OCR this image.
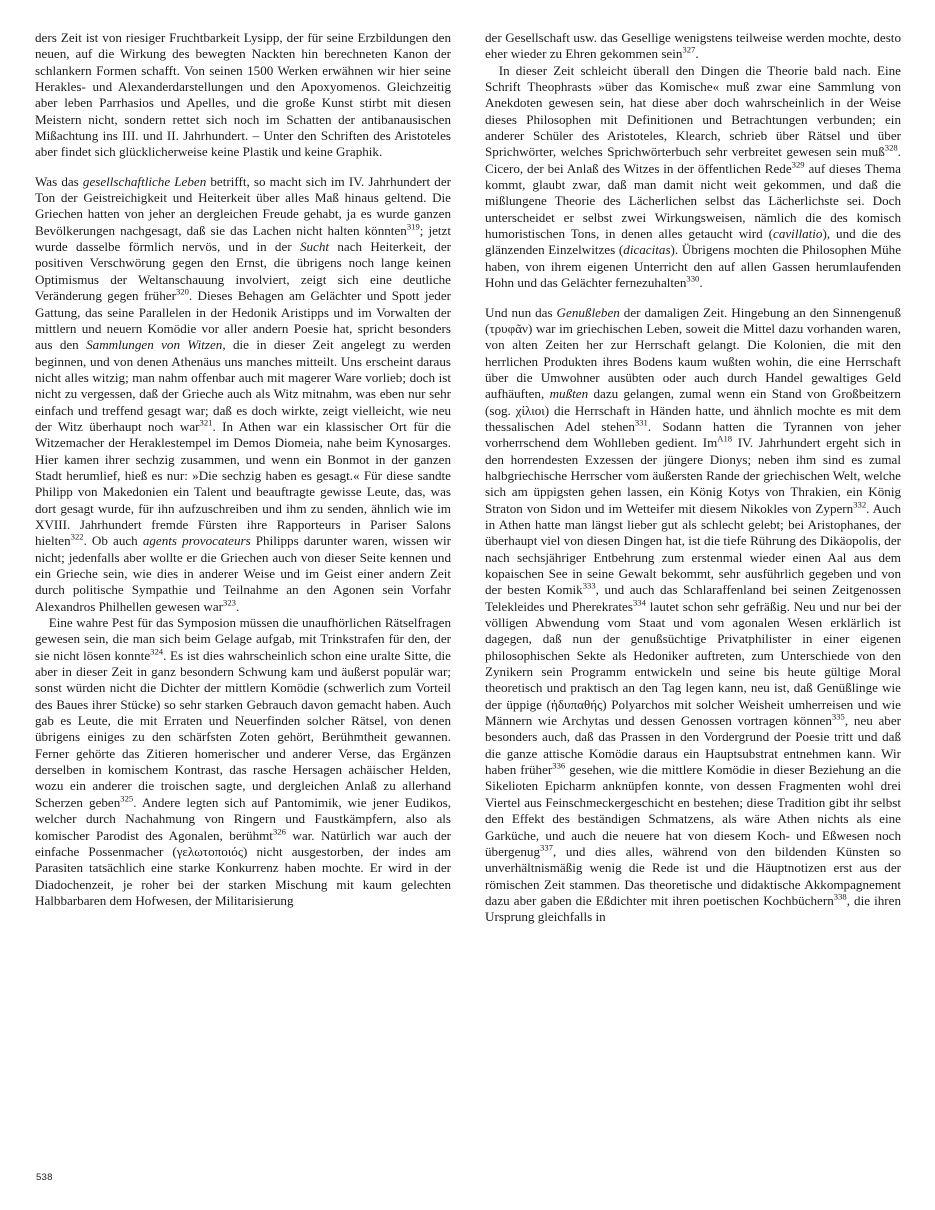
ders Zeit ist von riesiger Fruchtbarkeit Lysipp, der für seine Erzbildungen den neuen, auf die Wirkung des bewegten Nackten hin berechneten Kanon der schlankern Formen schafft. Von seinen 1500 Werken erwähnen wir hier seine Herakles- und Alexanderdarstellungen und den Apoxyomenos. Gleichzeitig aber leben Parrhasios und Apelles, und die große Kunst stirbt mit diesen Meistern nicht, sondern rettet sich noch im Schatten der antibanausischen Mißachtung ins III. und II. Jahrhundert. – Unter den Schriften des Aristoteles aber findet sich glücklicherweise keine Plastik und keine Graphik.

Was das gesellschaftliche Leben betrifft, so macht sich im IV. Jahrhundert der Ton der Geistreichigkeit und Heiterkeit über alles Maß hinaus geltend. Die Griechen hatten von jeher an dergleichen Freude gehabt, ja es wurde ganzen Bevölkerungen nachgesagt, daß sie das Lachen nicht halten könnten$^{319}$; jetzt wurde dasselbe förmlich nervös, und in der Sucht nach Heiterkeit, der positiven Verschwörung gegen den Ernst, die übrigens noch lange keinen Optimismus der Weltanschauung involviert, zeigt sich eine deutliche Veränderung gegen früher$^{320}$. Dieses Behagen am Gelächter und Spott jeder Gattung, das seine Parallelen in der Hedonik Aristipps und im Vorwalten der mittlern und neuern Komödie vor aller andern Poesie hat, spricht besonders aus den Sammlungen von Witzen, die in dieser Zeit angelegt zu werden beginnen, und von denen Athenäus uns manches mitteilt. Uns erscheint daraus nicht alles witzig; man nahm offenbar auch mit magerer Ware vorlieb; doch ist nicht zu vergessen, daß der Grieche auch als Witz mitnahm, was eben nur sehr einfach und treffend gesagt war; daß es doch wirkte, zeigt vielleicht, wie neu der Witz überhaupt noch war$^{321}$. In Athen war ein klassischer Ort für die Witzemacher der Heraklestempel im Demos Diomeia, nahe beim Kynosarges. Hier kamen ihrer sechzig zusammen, und wenn ein Bonmot in der ganzen Stadt herumlief, hieß es nur: »Die sechzig haben es gesagt.« Für diese sandte Philipp von Makedonien ein Talent und beauftragte gewisse Leute, das, was dort gesagt wurde, für ihn aufzuschreiben und ihm zu senden, ähnlich wie im XVIII. Jahrhundert fremde Fürsten ihre Rapporteurs in Pariser Salons hielten$^{322}$. Ob auch agents provocateurs Philipps darunter waren, wissen wir nicht; jedenfalls aber wollte er die Griechen auch von dieser Seite kennen und ein Grieche sein, wie dies in anderer Weise und im Geist einer andern Zeit durch politische Sympathie und Teilnahme an den Agonen sein Vorfahr Alexandros Philhellen gewesen war$^{323}$.

Eine wahre Pest für das Symposion müssen die unaufhörlichen Rätselfragen gewesen sein, die man sich beim Gelage aufgab, mit Trinkstrafen für den, der sie nicht lösen konnte$^{324}$. Es ist dies wahrscheinlich schon eine uralte Sitte, die aber in dieser Zeit in ganz besondern Schwung kam und äußerst populär war; sonst würden nicht die Dichter der mittlern Komödie (schwerlich zum Vorteil des Baues ihrer Stücke) so sehr starken Gebrauch davon gemacht haben. Auch gab es Leute, die mit Erraten und Neuerfinden solcher Rätsel, von denen übrigens einiges zu den schärfsten Zoten gehört, Berühmtheit gewannen. Ferner gehörte das Zitieren homerischer und anderer Verse, das Ergänzen derselben in komischem Kontrast, das rasche Hersagen achäischer Helden, wozu ein anderer die troischen sagte, und dergleichen Anlaß zu allerhand Scherzen geben$^{325}$. Andere legten sich auf Pantomimik, wie jener Eudikos, welcher durch Nachahmung von Ringern und Faustkämpfern, also als komischer Parodist des Agonalen, berühmt$^{326}$ war. Natürlich war auch der einfache Possenmacher (γελωτοποιός) nicht ausgestorben, der indes am Parasiten tatsächlich eine starke Konkurrenz haben mochte. Er wird in der Diadochenzeit, je roher bei der starken Mischung mit kaum gelechten Halbbarbaren dem Hofwesen, der Militarisierung

der Gesellschaft usw. das Gesellige wenigstens teilweise werden mochte, desto eher wieder zu Ehren gekommen sein$^{327}$.

In dieser Zeit schleicht überall den Dingen die Theorie bald nach. Eine Schrift Theophrasts »über das Komische« muß zwar eine Sammlung von Anekdoten gewesen sein, hat diese aber doch wahrscheinlich in der Weise dieses Philosophen mit Definitionen und Betrachtungen verbunden; ein anderer Schüler des Aristoteles, Klearch, schrieb über Rätsel und über Sprichwörter, welches Sprichwörterbuch sehr verbreitet gewesen sein muß$^{328}$. Cicero, der bei Anlaß des Witzes in der öffentlichen Rede$^{329}$ auf dieses Thema kommt, glaubt zwar, daß man damit nicht weit gekommen, und daß die mißlungene Theorie des Lächerlichen selbst das Lächerlichste sei. Doch unterscheidet er selbst zwei Wirkungsweisen, nämlich die des komisch humoristischen Tons, in denen alles getaucht wird (cavillatio), und die des glänzenden Einzelwitzes (dicacitas). Übrigens mochten die Philosophen Mühe haben, von ihrem eigenen Unterricht den auf allen Gassen herumlaufenden Hohn und das Gelächter fernezuhalten$^{330}$.

Und nun das Genußleben der damaligen Zeit. Hingebung an den Sinnengenuß (τρυφᾶν) war im griechischen Leben, soweit die Mittel dazu vorhanden waren, von alten Zeiten her zur Herrschaft gelangt. Die Kolonien, die mit den herrlichen Produkten ihres Bodens kaum wußten wohin, die eine Herrschaft über die Umwohner ausübten oder auch durch Handel gewaltiges Geld aufhäuften, mußten dazu gelangen, zumal wenn ein Stand von Großbeitzern (sog. χίλιοι) die Herrschaft in Händen hatte, und ähnlich mochte es mit dem thessalischen Adel stehen$^{331}$. Sodann hatten die Tyrannen von jeher vorherrschend dem Wohlleben gedient. $Im^{A18}$ IV. Jahrhundert ergeht sich in den horrendesten Exzessen der jüngere Dionys; neben ihm sind es zumal halbgriechische Herrscher vom äußersten Rande der griechischen Welt, welche sich am üppigsten gehen lassen, ein König Kotys von Thrakien, ein König Straton von Sidon und im Wetteifer mit diesem Nikokles von Zypern$^{332}$. Auch in Athen hatte man längst lieber gut als schlecht gelebt; bei Aristophanes, der überhaupt viel von diesen Dingen hat, ist die tiefe Rührung des Dikäopolis, der nach sechsjähriger Entbehrung zum erstenmal wieder einen Aal aus dem kopaischen See in seine Gewalt bekommt, sehr ausführlich gegeben und von der besten Komik$^{333}$, und auch das Schlaraffenland bei seinen Zeitgenossen Telekleides und Pherekrates$^{334}$ lautet schon sehr gefräßig. Neu und nur bei der völligen Abwendung vom Staat und vom agonalen Wesen erklärlich ist dagegen, daß nun der genußsüchtige Privatphilister in einer eigenen philosophischen Sekte als Hedoniker auftreten, zum Unterschiede von den Zynikern sein Programm entwickeln und seine bis heute gültige Moral theoretisch und praktisch an den Tag legen kann, neu ist, daß Genüßlinge wie der üppige (ἡδυπαθής) Polyarchos mit solcher Weisheit umherreisen und wie Männern wie Archytas und dessen Genossen vortragen können$^{335}$, neu aber besonders auch, daß das Prassen in den Vordergrund der Poesie tritt und daß die ganze attische Komödie daraus ein Hauptsubstrat entnehmen kann. Wir haben früher$^{336}$ gesehen, wie die mittlere Komödie in dieser Beziehung an die Sikelioten Epicharm anknüpfen konnte, von dessen Fragmenten wohl drei Viertel aus Feinschmeckergeschicht en bestehen; diese Tradition gibt ihr selbst den Effekt des beständigen Schmatzens, als wäre Athen nichts als eine Garküche, und auch die neuere hat von diesem Koch- und Eßwesen noch übergenug$^{337}$, und dies alles, während von den bildenden Künsten so unverhältnismäßig wenig die Rede ist und die Häuptnotizen erst aus der römischen Zeit stammen. Das theoretische und didaktische Akkompagnement dazu aber gaben die Eßdichter mit ihren poetischen Kochbüchern$^{338}$, die ihren Ursprung gleichfalls in

538
